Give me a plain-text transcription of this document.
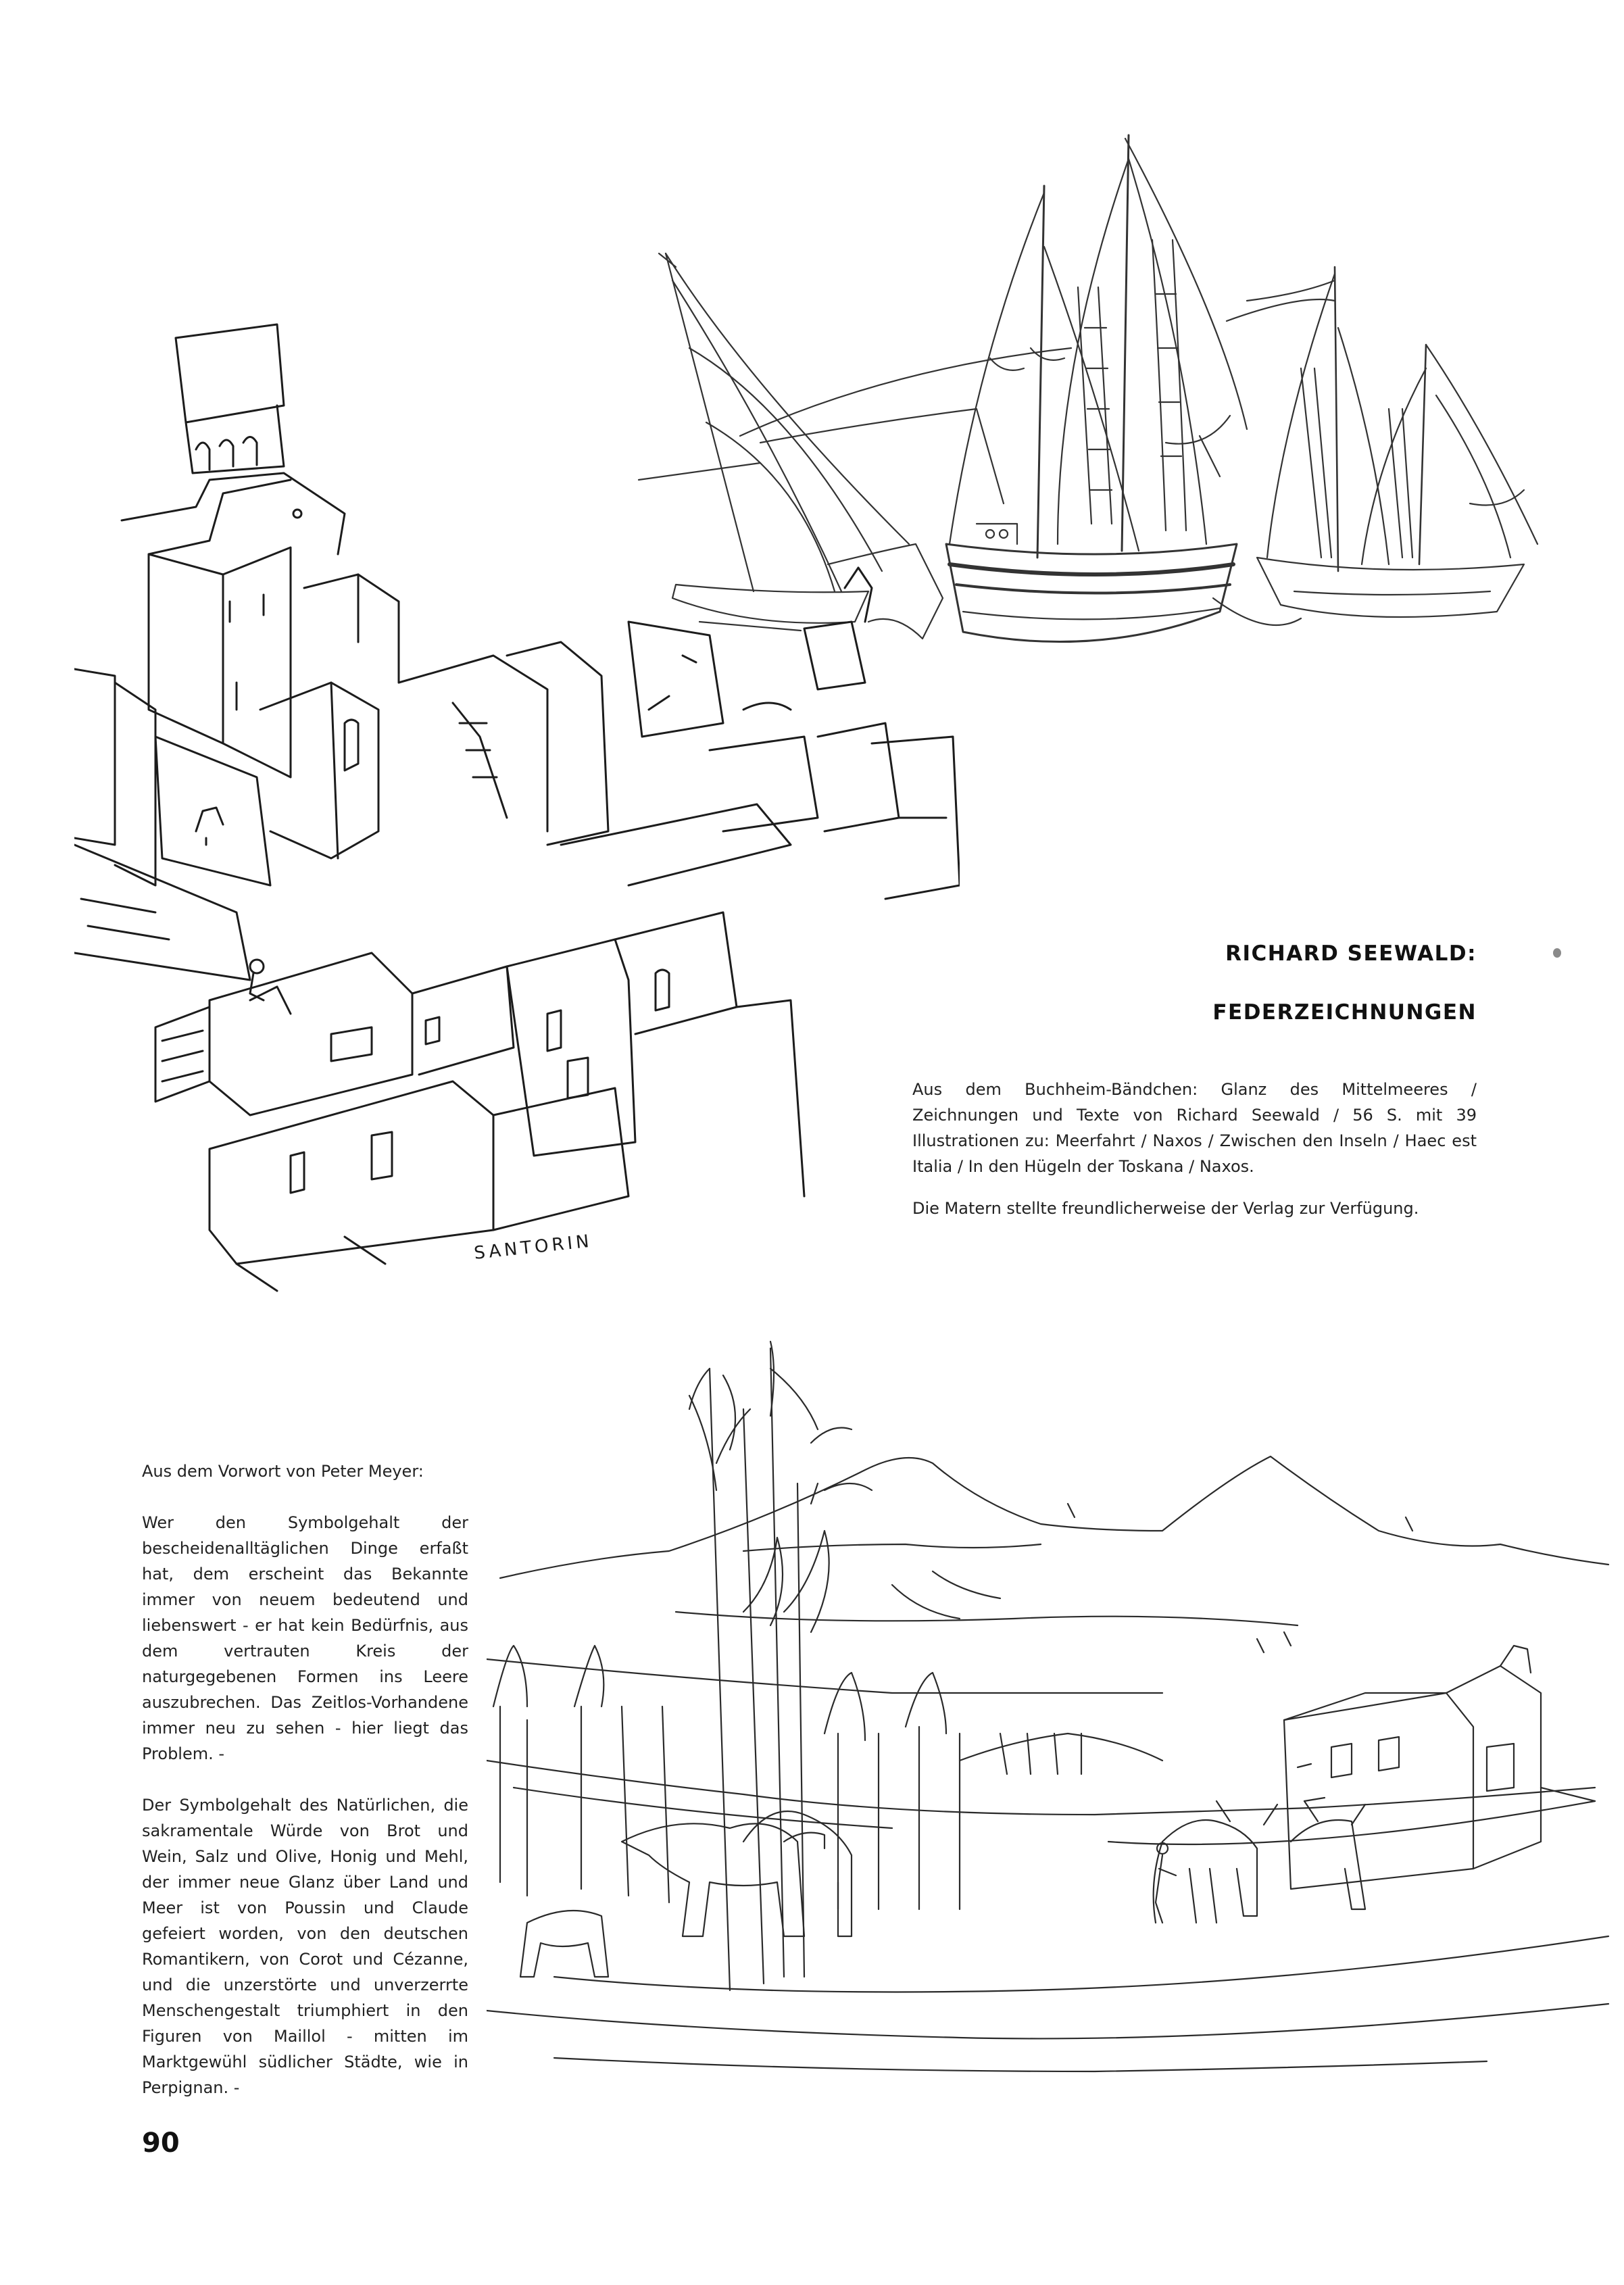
SANTORIN
RICHARD SEEWALD:
FEDERZEICHNUNGEN

Aus dem Buchheim-Bändchen: Glanz des Mittelmeeres / Zeichnungen und Texte von Richard Seewald / 56 S. mit 39 Illustrationen zu: Meerfahrt / Naxos / Zwischen den Inseln / Haec est Italia / In den Hügeln der Toskana / Naxos.

Die Matern stellte freundlicherweise der Verlag zur Verfügung.

Aus dem Vorwort von Peter Meyer:
Wer den Symbolgehalt der bescheidenalltäglichen Dinge erfaßt hat, dem erscheint das Bekannte immer von neuem bedeutend und liebenswert - er hat kein Bedürfnis, aus dem vertrauten Kreis der naturgegebenen Formen ins Leere auszubrechen. Das Zeitlos-Vorhandene immer neu zu sehen - hier liegt das Problem. -
Der Symbolgehalt des Natürlichen, die sakramentale Würde von Brot und Wein, Salz und Olive, Honig und Mehl, der immer neue Glanz über Land und Meer ist von Poussin und Claude gefeiert worden, von den deutschen Romantikern, von Corot und Cézanne, und die unzerstörte und unverzerrte Menschengestalt triumphiert in den Figuren von Maillol - mitten im Marktgewühl südlicher Städte, wie in Perpignan. -
90
